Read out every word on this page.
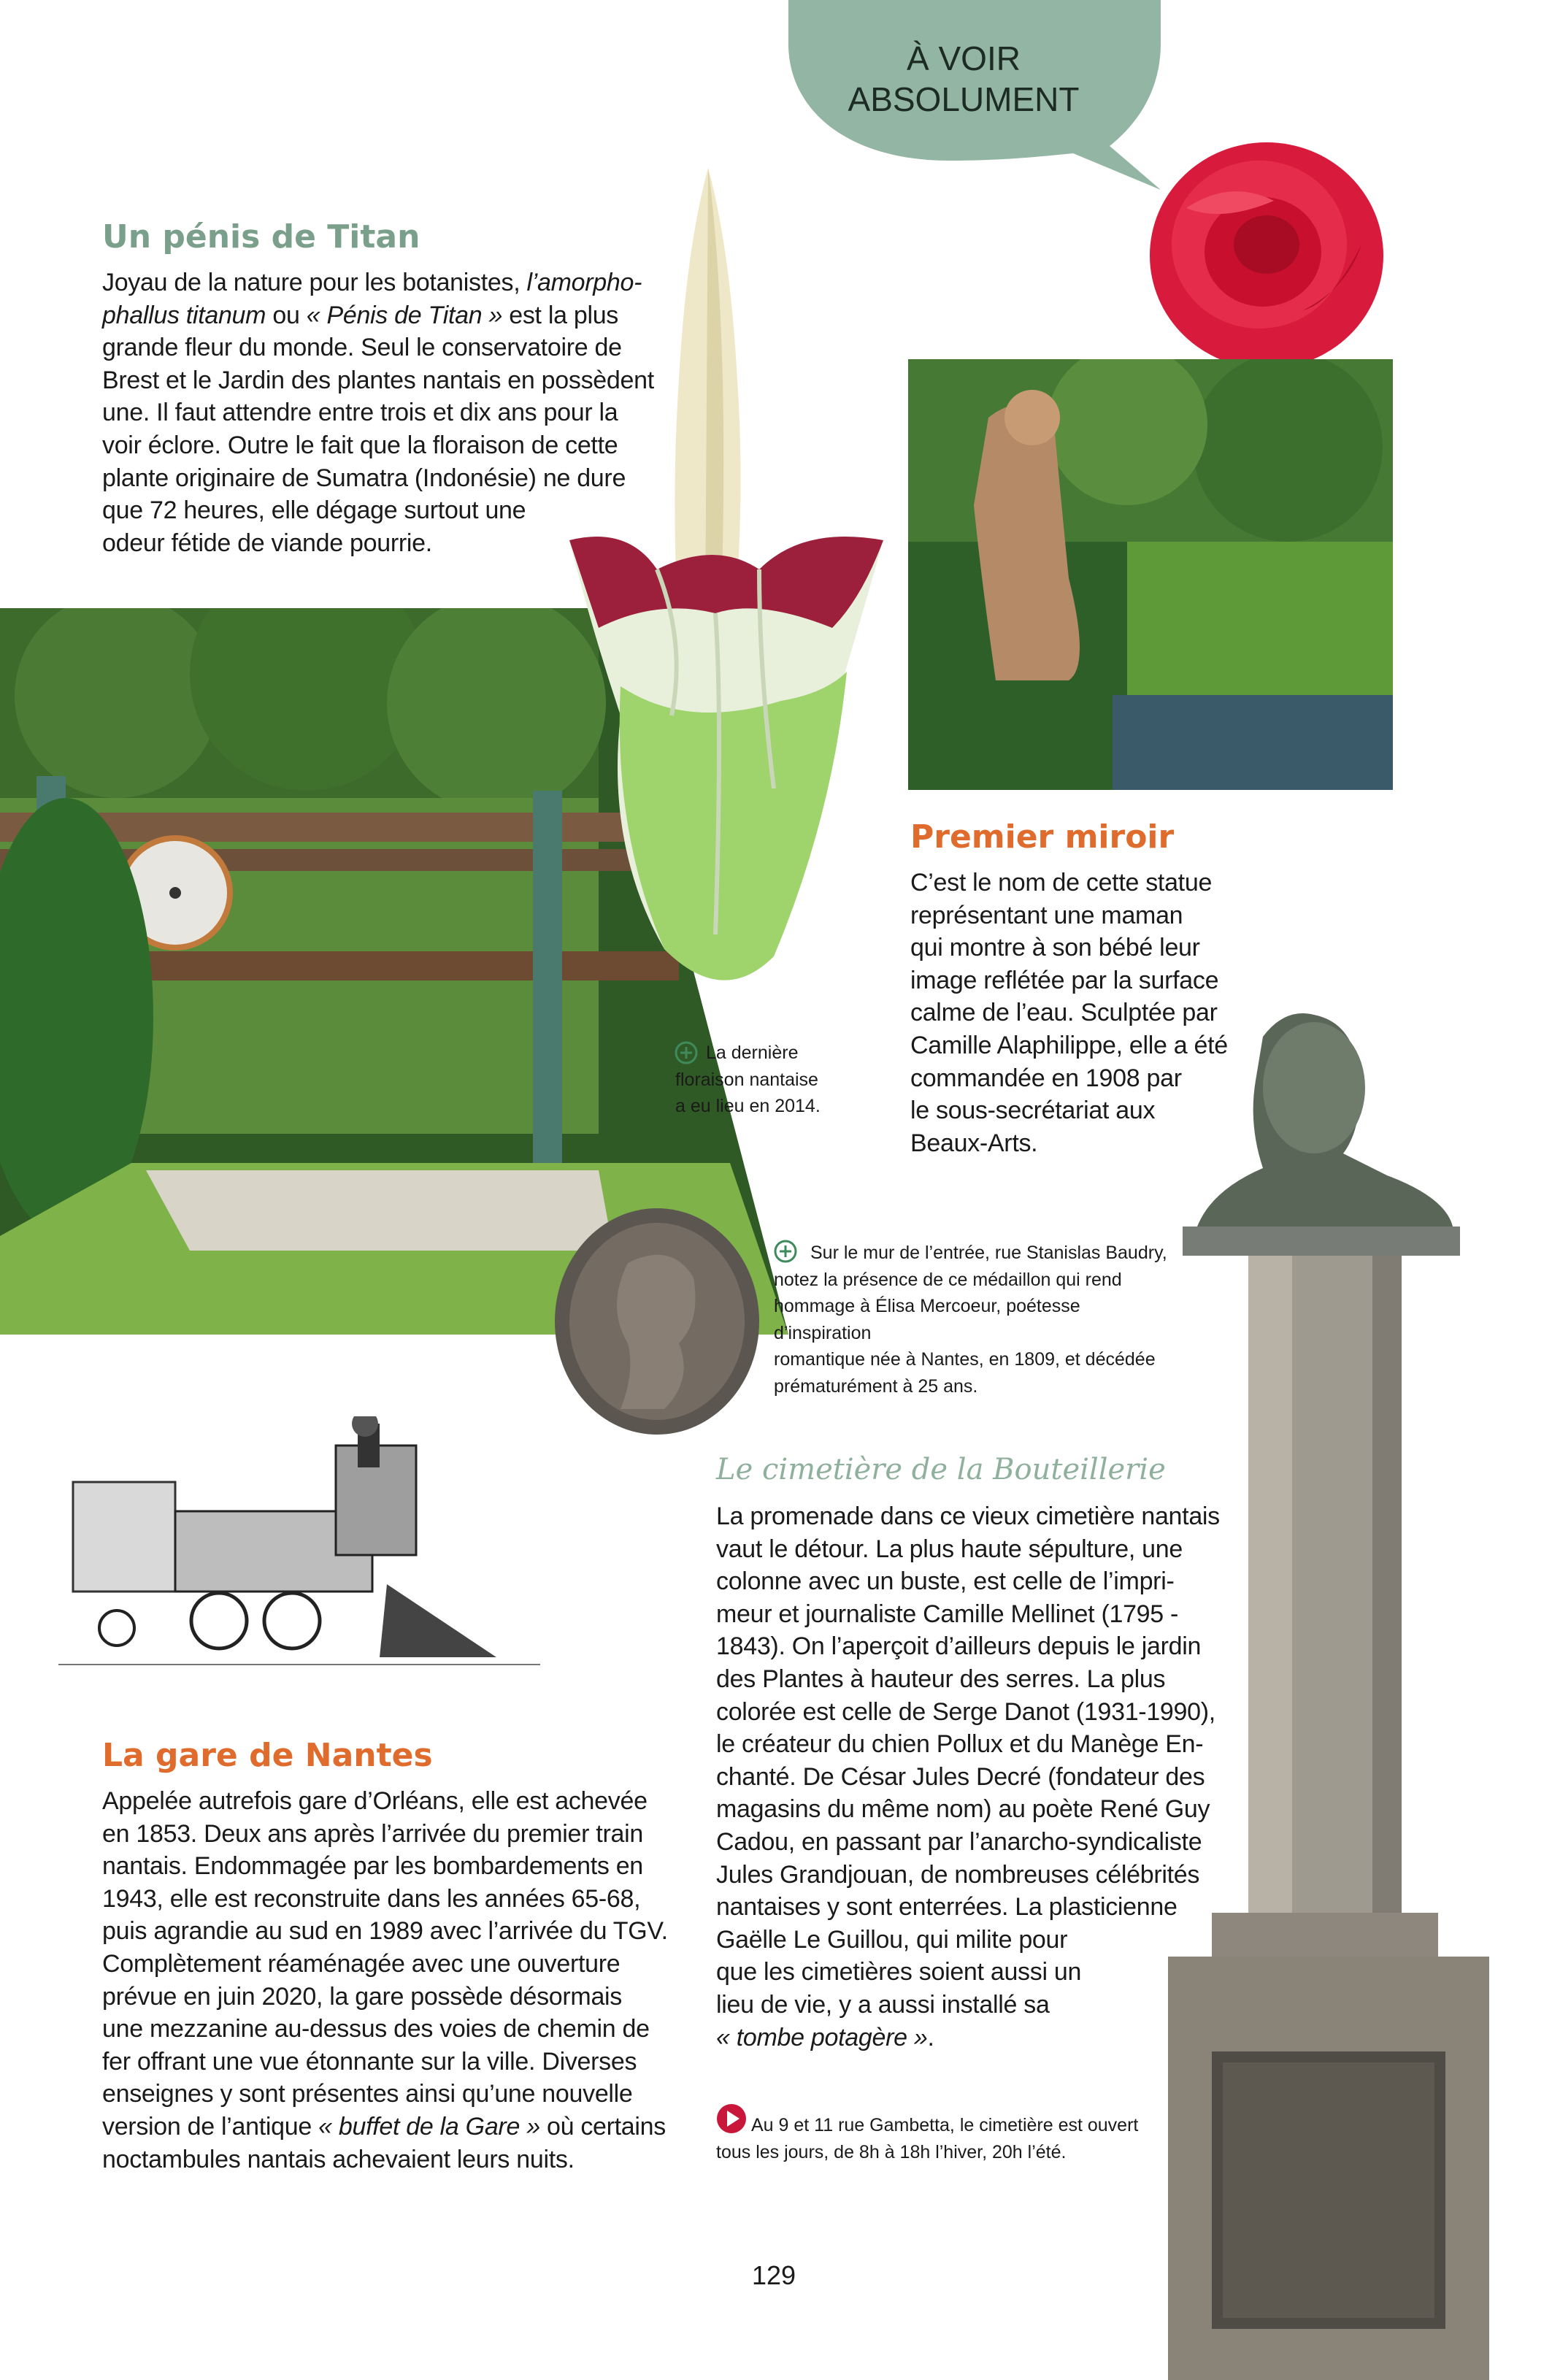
À VOIR
ABSOLUMENT
Un pénis de Titan
Joyau de la nature pour les botanistes, l’amorpho-
phallus titanum ou « Pénis de Titan » est la plus
grande fleur du monde. Seul le conservatoire de
Brest et le Jardin des plantes nantais en possèdent
une. Il faut attendre entre trois et dix ans pour la
voir éclore. Outre le fait que la floraison de cette
plante originaire de Sumatra (Indonésie) ne dure
que 72 heures, elle dégage surtout une
odeur fétide de viande pourrie.
La dernière
floraison nantaise
a eu lieu en 2014.
Premier miroir
C’est le nom de cette statue
représentant une maman
qui montre à son bébé leur
image reflétée par la surface
calme de l’eau. Sculptée par
Camille Alaphilippe, elle a été
commandée en 1908 par
le sous-secrétariat aux
Beaux-Arts.
Sur le mur de l’entrée, rue Stanislas Baudry,
notez la présence de ce médaillon qui rend
hommage à Élisa Mercoeur, poétesse d’inspiration
romantique née à Nantes, en 1809, et décédée
prématurément à 25 ans.
Le cimetière de la Bouteillerie
La promenade dans ce vieux cimetière nantais
vaut le détour. La plus haute sépulture, une
colonne avec un buste, est celle de l’impri-
meur et journaliste Camille Mellinet (1795 -
1843). On l’aperçoit d’ailleurs depuis le jardin
des Plantes à hauteur des serres. La plus
colorée est celle de Serge Danot (1931-1990),
le créateur du chien Pollux et du Manège En-
chanté. De César Jules Decré (fondateur des
magasins du même nom) au poète René Guy
Cadou, en passant par l’anarcho-syndicaliste
Jules Grandjouan, de nombreuses célébrités
nantaises y sont enterrées. La plasticienne
Gaëlle Le Guillou, qui milite pour
que les cimetières soient aussi un
lieu de vie, y a aussi installé sa
« tombe potagère ».
Au 9 et 11 rue Gambetta, le cimetière est ouvert
tous les jours, de 8h à 18h l’hiver, 20h l’été.
La gare de Nantes
Appelée autrefois gare d’Orléans, elle est achevée
en 1853. Deux ans après l’arrivée du premier train
nantais. Endommagée par les bombardements en
1943, elle est reconstruite dans les années 65-68,
puis agrandie au sud en 1989 avec l’arrivée du TGV.
Complètement réaménagée avec une ouverture
prévue en juin 2020, la gare possède désormais
une mezzanine au-dessus des voies de chemin de
fer offrant une vue étonnante sur la ville. Diverses
enseignes y sont présentes ainsi qu’une nouvelle
version de l’antique « buffet de la Gare » où certains
noctambules nantais achevaient leurs nuits.
129
